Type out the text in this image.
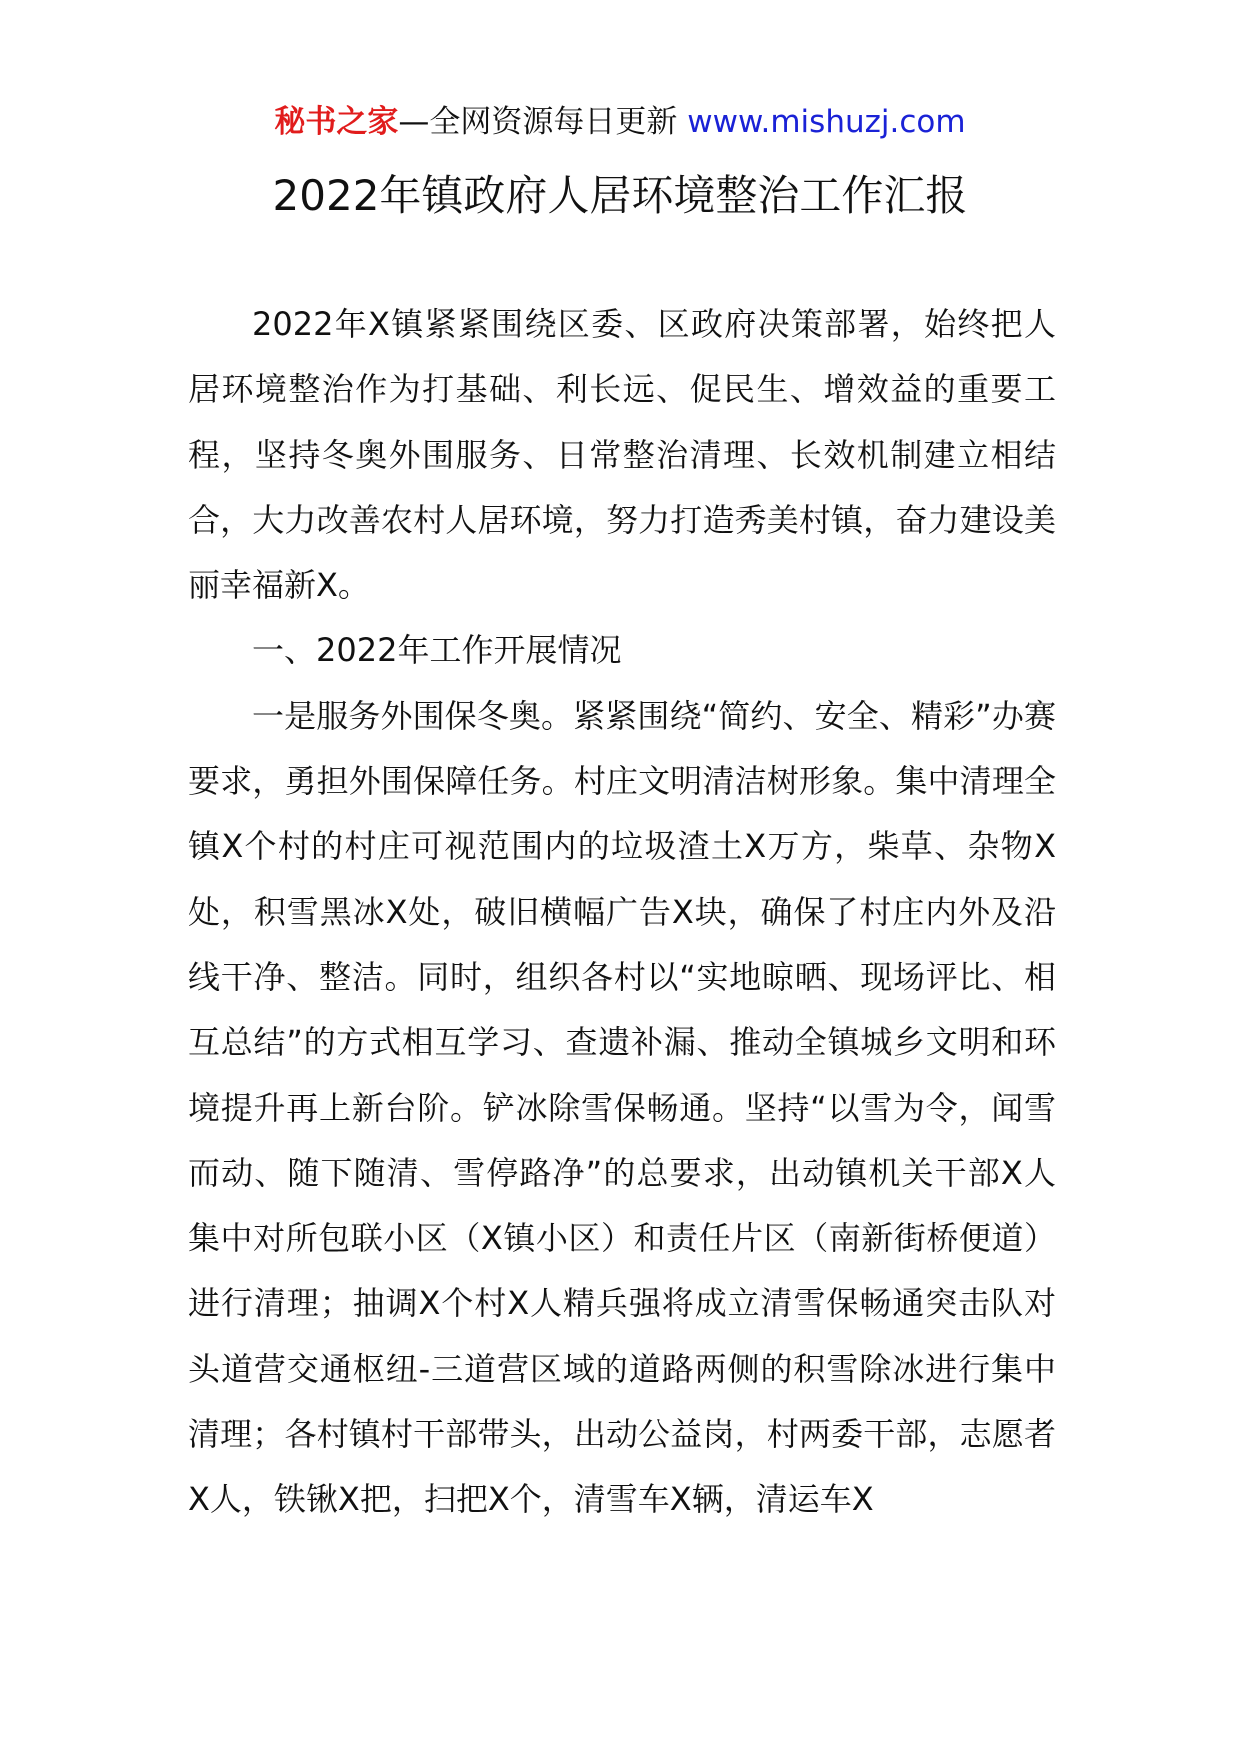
秘书之家—全网资源每日更新 www.mishuzj.com
2022年镇政府人居环境整治工作汇报

2022年X镇紧紧围绕区委、区政府决策部署，始终把人居环境整治作为打基础、利长远、促民生、增效益的重要工程，坚持冬奥外围服务、日常整治清理、长效机制建立相结合，大力改善农村人居环境，努力打造秀美村镇，奋力建设美丽幸福新X。

一、2022年工作开展情况

一是服务外围保冬奥。紧紧围绕“简约、安全、精彩”办赛要求，勇担外围保障任务。村庄文明清洁树形象。集中清理全镇X个村的村庄可视范围内的垃圾渣土X万方，柴草、杂物X处，积雪黑冰X处，破旧横幅广告X块，确保了村庄内外及沿线干净、整洁。同时，组织各村以“实地晾晒、现场评比、相互总结”的方式相互学习、查遗补漏、推动全镇城乡文明和环境提升再上新台阶。铲冰除雪保畅通。坚持“以雪为令，闻雪而动、随下随清、雪停路净”的总要求，出动镇机关干部X人集中对所包联小区（X镇小区）和责任片区（南新街桥便道）进行清理；抽调X个村X人精兵强将成立清雪保畅通突击队对头道营交通枢纽-三道营区域的道路两侧的积雪除冰进行集中清理；各村镇村干部带头，出动公益岗，村两委干部，志愿者X人，铁锹X把，扫把X个，清雪车X辆，清运车X
